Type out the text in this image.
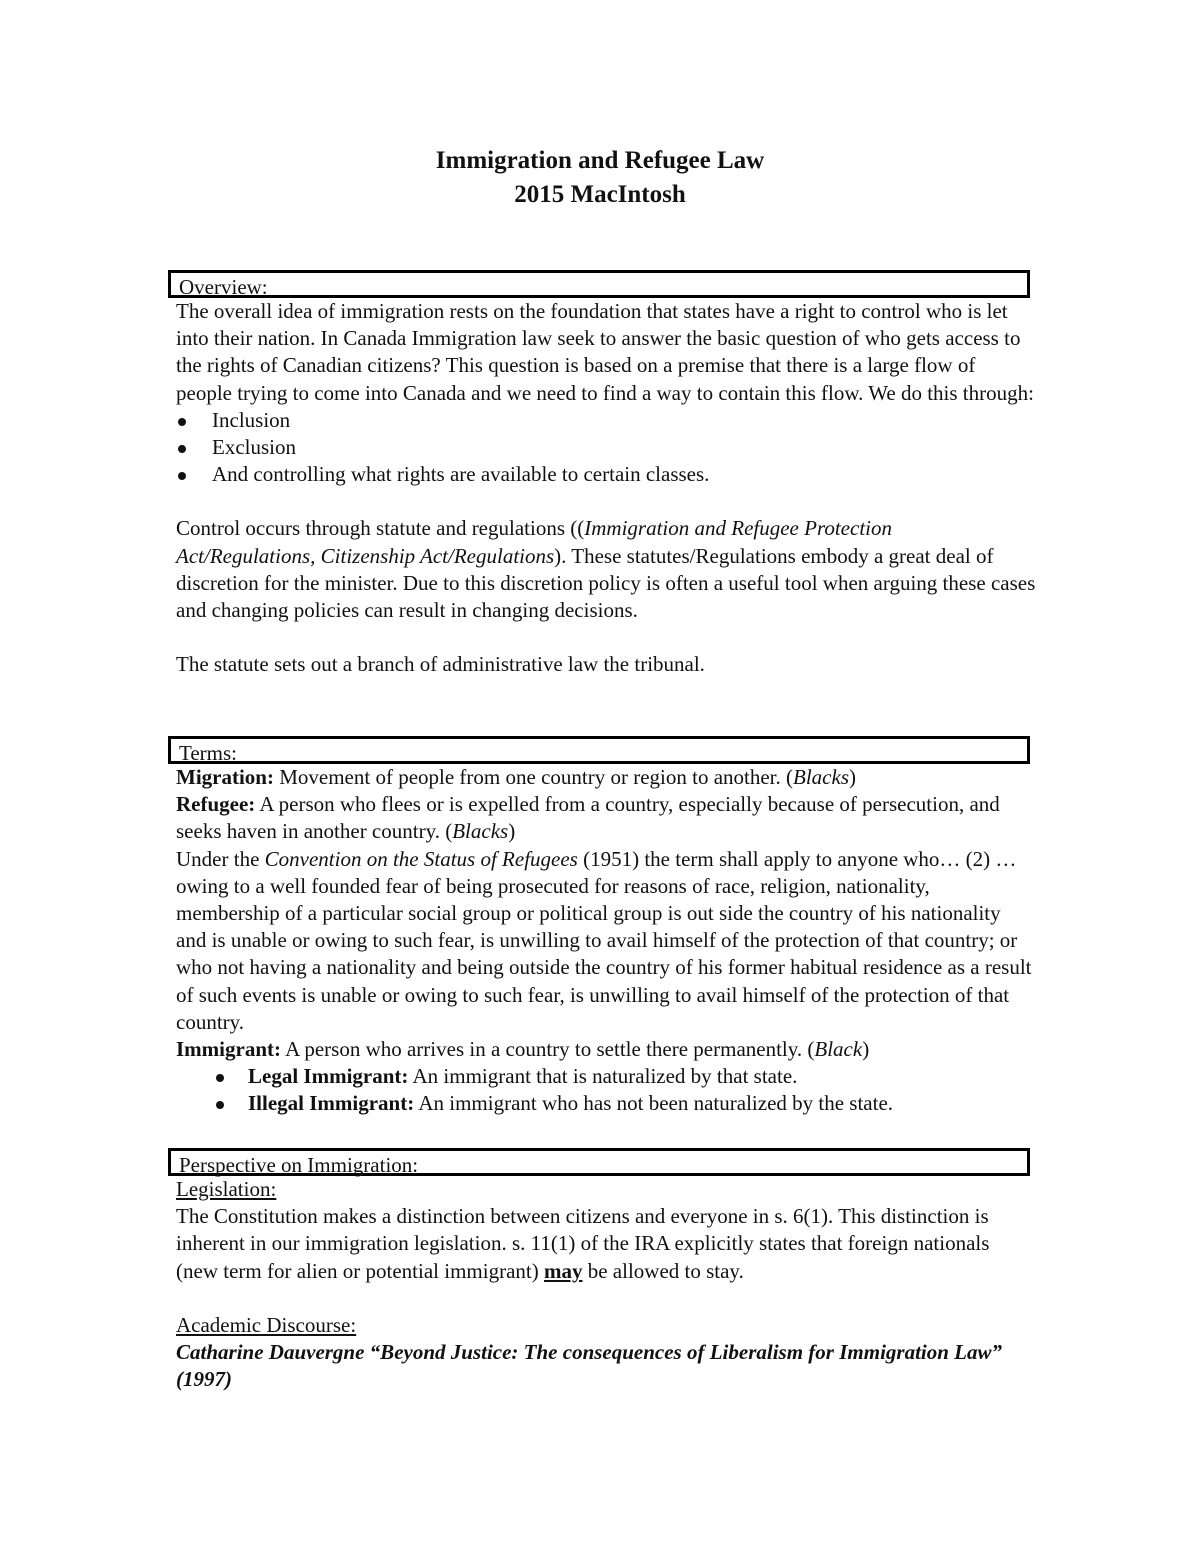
Immigration and Refugee Law
2015 MacIntosh
Overview:

The overall idea of immigration rests on the foundation that states have a right to control who is let into their nation. In Canada Immigration law seek to answer the basic question of who gets access to the rights of Canadian citizens? This question is based on a premise that there is a large flow of people trying to come into Canada and we need to find a way to contain this flow. We do this through:

Inclusion
Exclusion
And controlling what rights are available to certain classes.

Control occurs through statute and regulations ((Immigration and Refugee Protection Act/Regulations, Citizenship Act/Regulations). These statutes/Regulations embody a great deal of discretion for the minister. Due to this discretion policy is often a useful tool when arguing these cases and changing policies can result in changing decisions.

The statute sets out a branch of administrative law the tribunal.

Terms:

Migration: Movement of people from one country or region to another. (Blacks)

Refugee: A person who flees or is expelled from a country, especially because of persecution, and seeks haven in another country. (Blacks)

Under the Convention on the Status of Refugees (1951) the term shall apply to anyone who… (2) …owing to a well founded fear of being prosecuted for reasons of race, religion, nationality, membership of a particular social group or political group is out side the country of his nationality and is unable or owing to such fear, is unwilling to avail himself of the protection of that country; or who not having a nationality and being outside the country of his former habitual residence as a result of such events is unable or owing to such fear, is unwilling to avail himself of the protection of that country.

Immigrant: A person who arrives in a country to settle there permanently. (Black)

Legal Immigrant: An immigrant that is naturalized by that state.
Illegal Immigrant: An immigrant who has not been naturalized by the state.
Perspective on Immigration:

Legislation:

The Constitution makes a distinction between citizens and everyone in s. 6(1). This distinction is inherent in our immigration legislation. s. 11(1) of the IRA explicitly states that foreign nationals (new term for alien or potential immigrant) may be allowed to stay.

Academic Discourse:

Catharine Dauvergne “Beyond Justice: The consequences of Liberalism for Immigration Law” (1997)
